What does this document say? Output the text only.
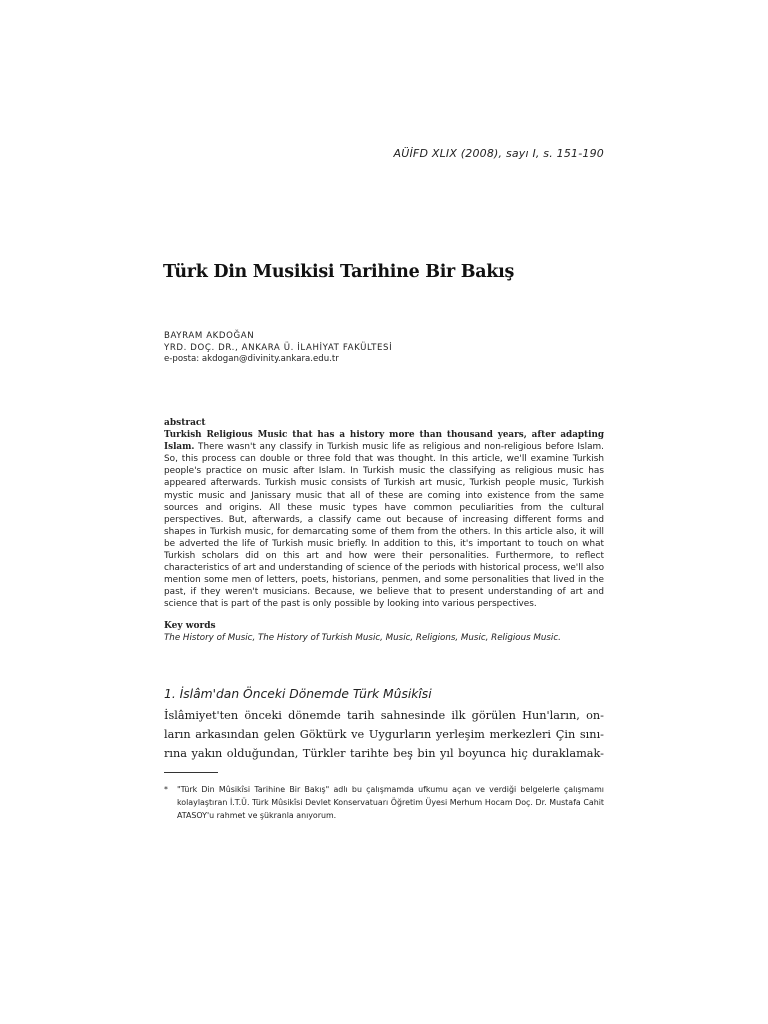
AÜİFD XLIX (2008), sayı I, s. 151-190
Türk Din Musikisi Tarihine Bir Bakış
BAYRAM AKDOĞAN
YRD. DOÇ. DR., ANKARA Ü. İLAHİYAT FAKÜLTESİ
e-posta: akdogan@divinity.ankara.edu.tr

abstract

Turkish Religious Music that has a history more than thousand years, after adapting Islam. There wasn't any classify in Turkish music life as religious and non-religious before Islam. So, this process can double or three fold that was thought. In this article, we'll examine Turkish people's practice on music after Islam. In Turkish music the classifying as religious music has appeared afterwards. Turkish music consists of Turkish art music, Turkish people music, Turkish mystic music and Janissary music that all of these are coming into existence from the same sources and origins. All these music types have common peculiarities from the cultural perspectives. But, afterwards, a classify came out because of increasing different forms and shapes in Turkish music, for demarcating some of them from the others. In this article also, it will be adverted the life of Turkish music briefly. In addition to this, it's important to touch on what Turkish scholars did on this art and how were their personalities. Furthermore, to reflect characteristics of art and understanding of science of the periods with historical process, we'll also mention some men of letters, poets, historians, penmen, and some personalities that lived in the past, if they weren't musicians. Because, we believe that to present understanding of art and science that is part of the past is only possible by looking into various perspectives.

Key words

The History of Music, The History of Turkish Music, Music, Religions, Music, Religious Music.

1. İslâm'dan Önceki Dönemde Türk Mûsikîsi
İslâmiyet'ten önceki dönemde tarih sahnesinde ilk görülen Hun'ların, on-
ların arkasından gelen Göktürk ve Uygurların yerleşim merkezleri Çin sını-
rına yakın olduğundan, Türkler tarihte beş bin yıl boyunca hiç duraklamak-
* "Türk Din Mûsikîsi Tarihine Bir Bakış" adlı bu çalışmamda ufkumu açan ve verdiği belgelerle çalışmamı kolaylaştıran İ.T.Ü. Türk Mûsikîsi Devlet Konservatuarı Öğretim Üyesi Merhum Hocam Doç. Dr. Mustafa Cahit ATASOY'u rahmet ve şükranla anıyorum.
